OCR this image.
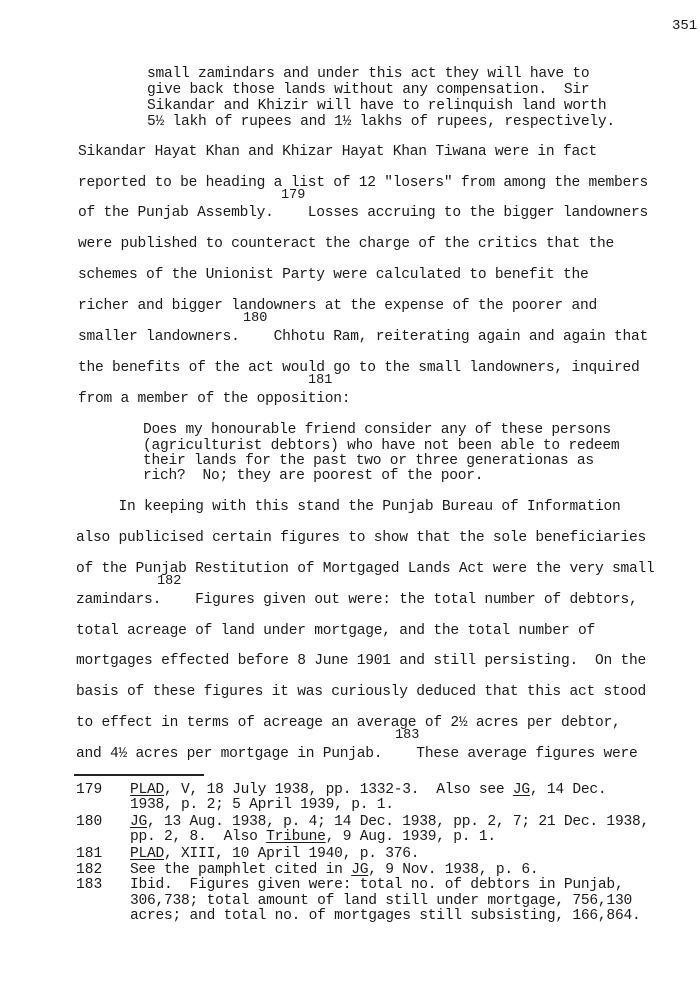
351
small zamindars and under this act they will have to
give back those lands without any compensation.  Sir
Sikandar and Khizir will have to relinquish land worth
5½ lakh of rupees and 1½ lakhs of rupees, respectively.
Sikandar Hayat Khan and Khizar Hayat Khan Tiwana were in fact
reported to be heading a list of 12 "losers" from among the members
179
of the Punjab Assembly.    Losses accruing to the bigger landowners
were published to counteract the charge of the critics that the
schemes of the Unionist Party were calculated to benefit the
richer and bigger landowners at the expense of the poorer and
180
smaller landowners.    Chhotu Ram, reiterating again and again that
the benefits of the act would go to the small landowners, inquired
181
from a member of the opposition:
Does my honourable friend consider any of these persons
(agriculturist debtors) who have not been able to redeem
their lands for the past two or three generationas as
rich?  No; they are poorest of the poor.
In keeping with this stand the Punjab Bureau of Information
also publicised certain figures to show that the sole beneficiaries
of the Punjab Restitution of Mortgaged Lands Act were the very small
182
zamindars.    Figures given out were: the total number of debtors,
total acreage of land under mortgage, and the total number of
mortgages effected before 8 June 1901 and still persisting.  On the
basis of these figures it was curiously deduced that this act stood
to effect in terms of acreage an average of 2½ acres per debtor,
183
and 4½ acres per mortgage in Punjab.    These average figures were
179 PLAD, V, 18 July 1938, pp. 1332-3.  Also see JG, 14 Dec.
1938, p. 2; 5 April 1939, p. 1.
180 JG, 13 Aug. 1938, p. 4; 14 Dec. 1938, pp. 2, 7; 21 Dec. 1938,
pp. 2, 8.  Also Tribune, 9 Aug. 1939, p. 1.
181 PLAD, XIII, 10 April 1940, p. 376.
182 See the pamphlet cited in JG, 9 Nov. 1938, p. 6.
183 Ibid.  Figures given were: total no. of debtors in Punjab,
306,738; total amount of land still under mortgage, 756,130
acres; and total no. of mortgages still subsisting, 166,864.
